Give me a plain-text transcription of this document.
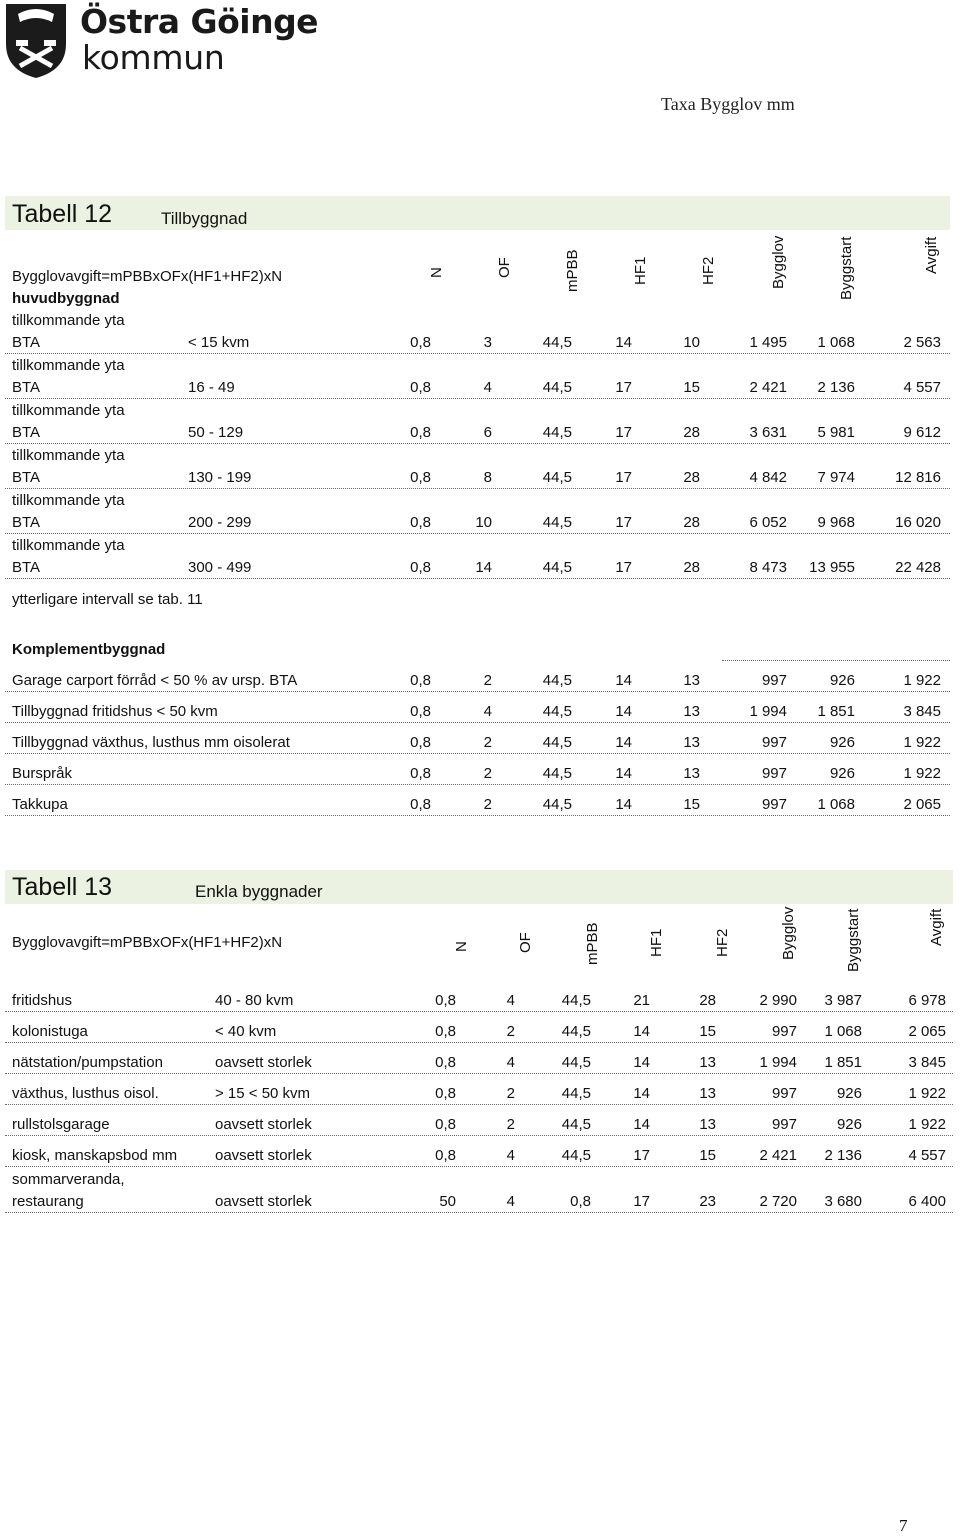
Östra Göinge
kommun
Taxa Bygglov mm
Tabell 12	Tillbyggnad
Bygglovavgift=mPBBxOFx(HF1+HF2)xN
huvudbyggnad
N	OF	mPBB	HF1	HF2	Bygglov	Byggstart	Avgift
tillkommande yta
BTA	< 15 kvm	0,8	3	44,5	14	10	1 495	1 068	2 563
tillkommande yta
BTA	16 - 49	0,8	4	44,5	17	15	2 421	2 136	4 557
tillkommande yta
BTA	50 - 129	0,8	6	44,5	17	28	3 631	5 981	9 612
tillkommande yta
BTA	130 - 199	0,8	8	44,5	17	28	4 842	7 974	12 816
tillkommande yta
BTA	200 - 299	0,8	10	44,5	17	28	6 052	9 968	16 020
tillkommande yta
BTA	300 - 499	0,8	14	44,5	17	28	8 473	13 955	22 428
ytterligare intervall se tab. 11
Komplementbyggnad
Garage carport förråd < 50 % av ursp. BTA	0,8	2	44,5	14	13	997	926	1 922
Tillbyggnad fritidshus < 50 kvm	0,8	4	44,5	14	13	1 994	1 851	3 845
Tillbyggnad växthus, lusthus mm oisolerat	0,8	2	44,5	14	13	997	926	1 922
Burspråk	0,8	2	44,5	14	13	997	926	1 922
Takkupa	0,8	2	44,5	14	15	997	1 068	2 065
Tabell 13	Enkla byggnader
Bygglovavgift=mPBBxOFx(HF1+HF2)xN	N	OF	mPBB	HF1	HF2	Bygglov	Byggstart	Avgift
fritidshus	40 - 80 kvm	0,8	4	44,5	21	28	2 990	3 987	6 978
kolonistuga	< 40 kvm	0,8	2	44,5	14	15	997	1 068	2 065
nätstation/pumpstation	oavsett storlek	0,8	4	44,5	14	13	1 994	1 851	3 845
växthus, lusthus oisol.	> 15 < 50 kvm	0,8	2	44,5	14	13	997	926	1 922
rullstolsgarage	oavsett storlek	0,8	2	44,5	14	13	997	926	1 922
kiosk, manskapsbod mm	oavsett storlek	0,8	4	44,5	17	15	2 421	2 136	4 557
sommarveranda,
restaurang	oavsett storlek	50	4	0,8	17	23	2 720	3 680	6 400
7
